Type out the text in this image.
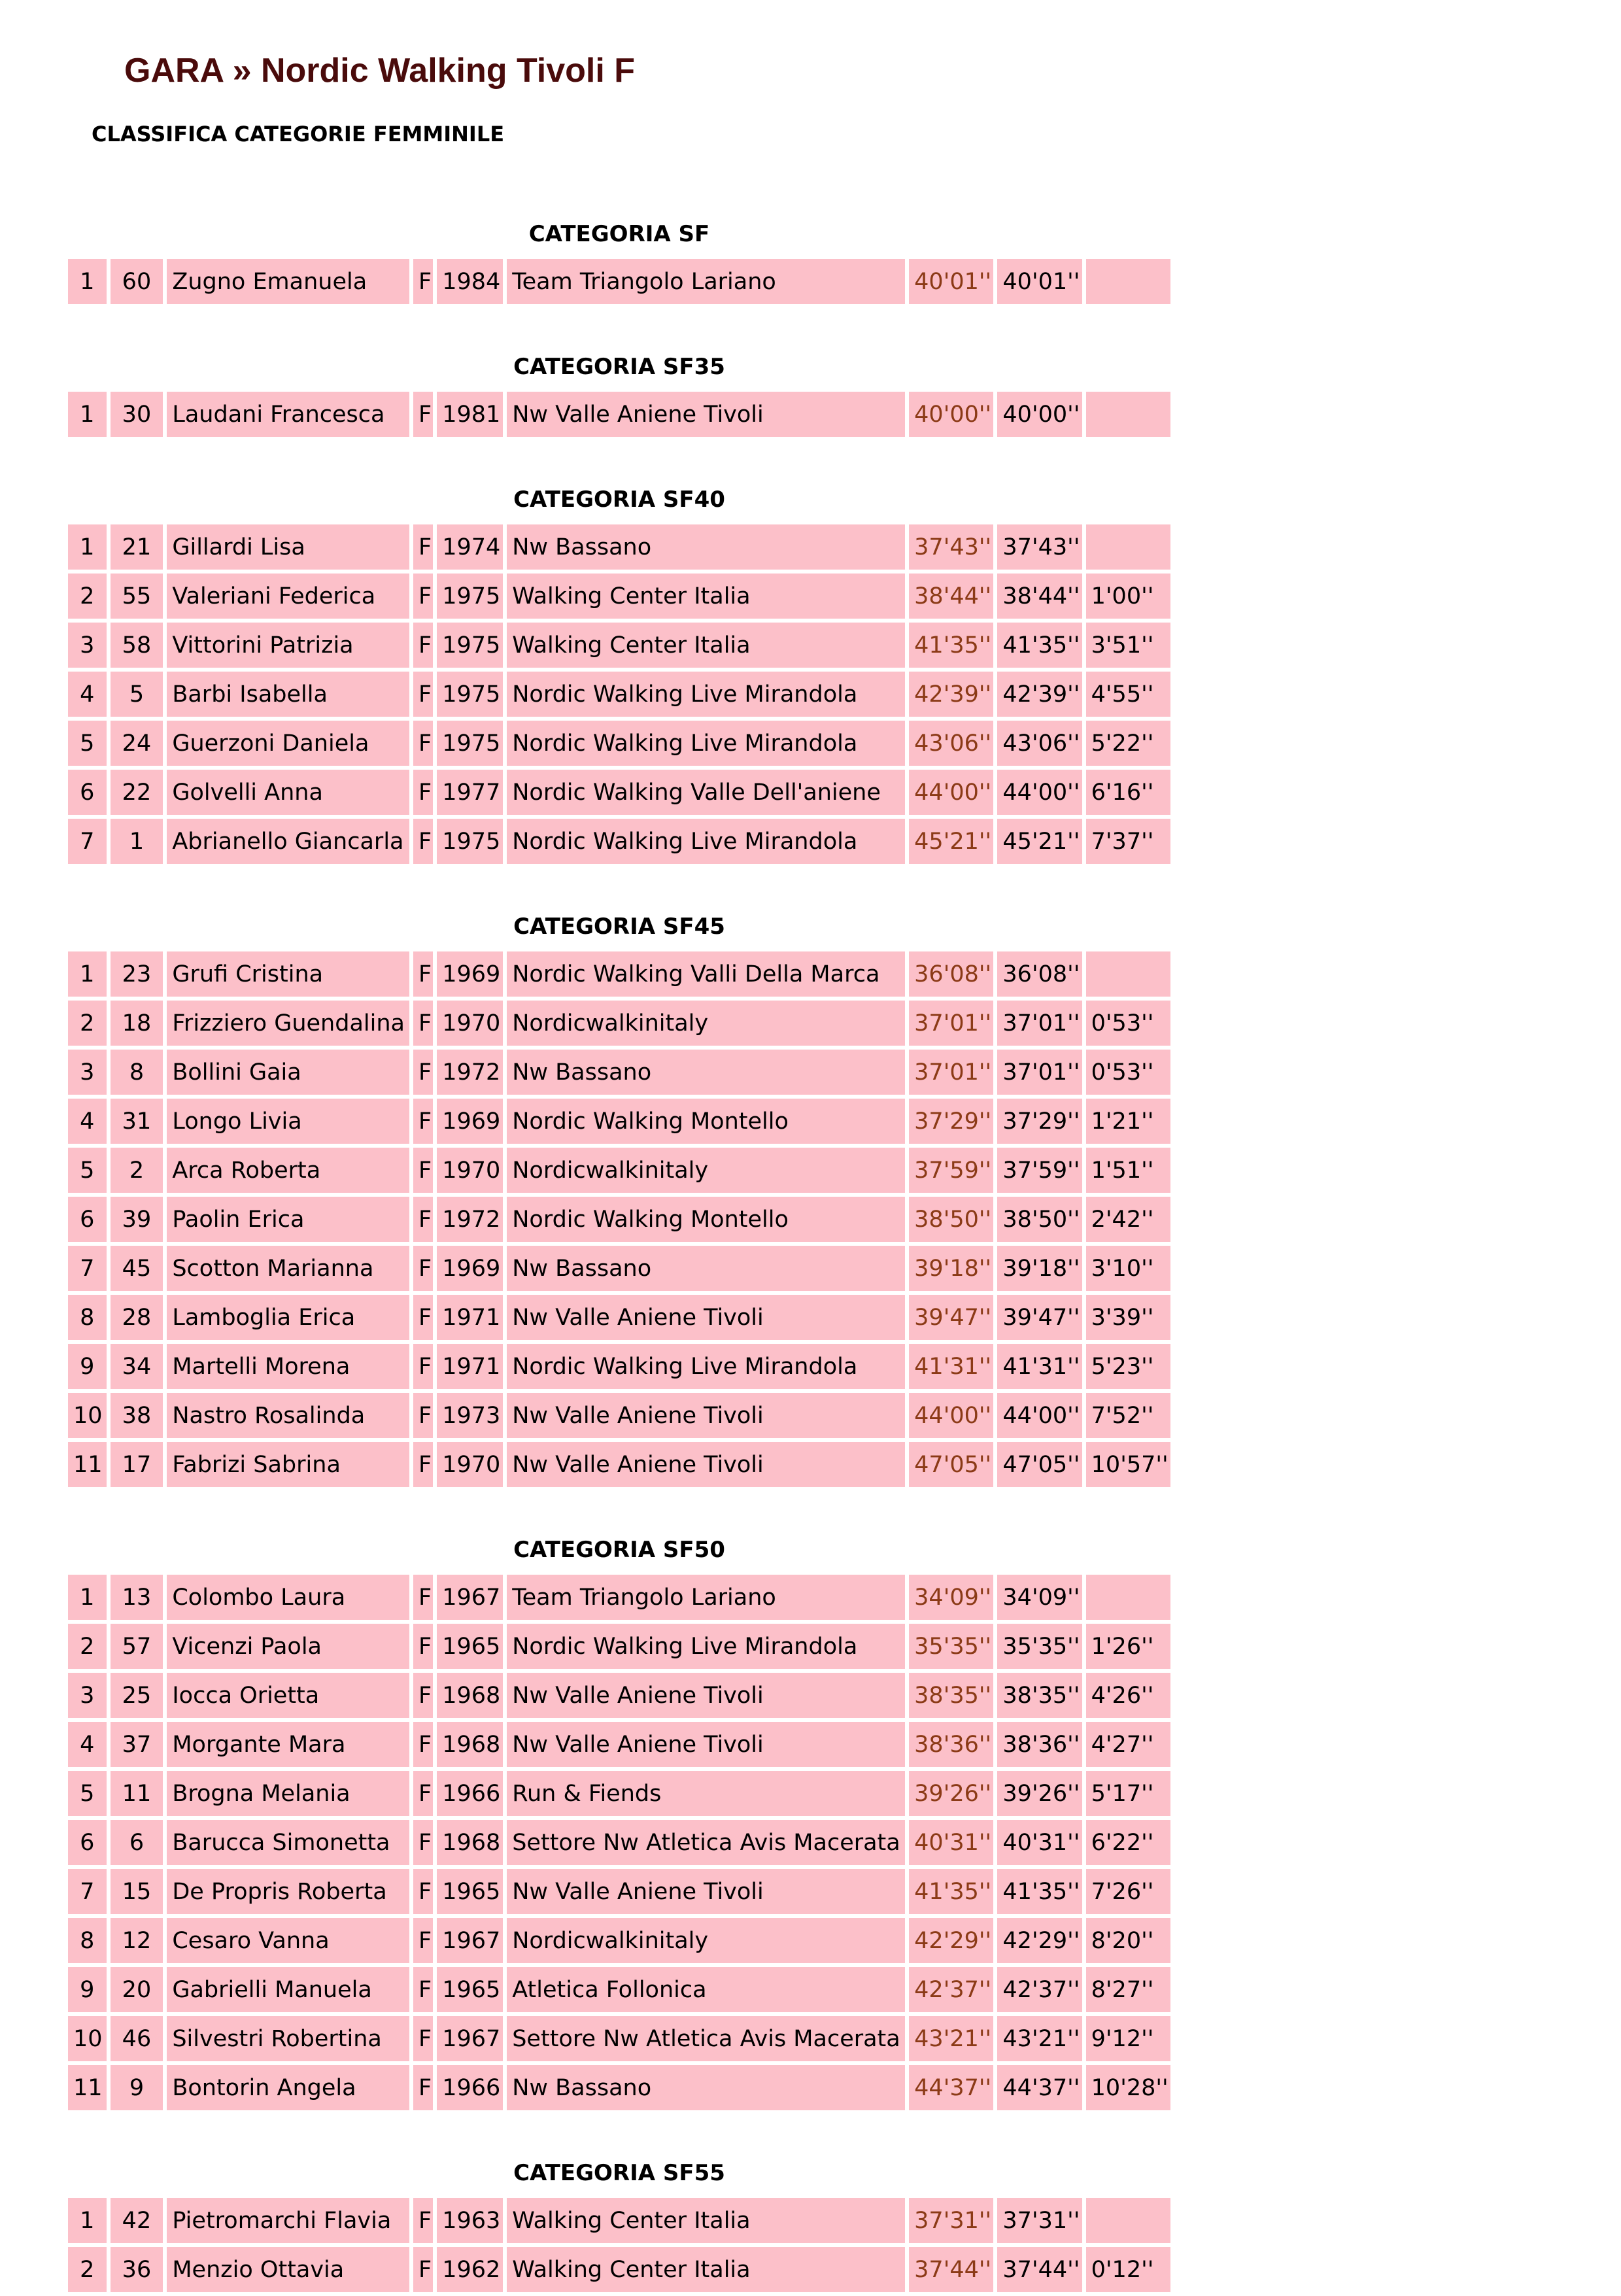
GARA » Nordic Walking Tivoli F
CLASSIFICA CATEGORIE FEMMINILE
CATEGORIA SF
1	60	Zugno Emanuela	F	1984	Team Triangolo Lariano	40'01''	40'01''	
CATEGORIA SF35
1	30	Laudani Francesca	F	1981	Nw Valle Aniene Tivoli	40'00''	40'00''	
CATEGORIA SF40
1	21	Gillardi Lisa	F	1974	Nw Bassano	37'43''	37'43''	
2	55	Valeriani Federica	F	1975	Walking Center Italia	38'44''	38'44''	1'00''
3	58	Vittorini Patrizia	F	1975	Walking Center Italia	41'35''	41'35''	3'51''
4	5	Barbi Isabella	F	1975	Nordic Walking Live Mirandola	42'39''	42'39''	4'55''
5	24	Guerzoni Daniela	F	1975	Nordic Walking Live Mirandola	43'06''	43'06''	5'22''
6	22	Golvelli Anna	F	1977	Nordic Walking Valle Dell'aniene	44'00''	44'00''	6'16''
7	1	Abrianello Giancarla	F	1975	Nordic Walking Live Mirandola	45'21''	45'21''	7'37''
CATEGORIA SF45
1	23	Grufi Cristina	F	1969	Nordic Walking Valli Della Marca	36'08''	36'08''	
2	18	Frizziero Guendalina	F	1970	Nordicwalkinitaly	37'01''	37'01''	0'53''
3	8	Bollini Gaia	F	1972	Nw Bassano	37'01''	37'01''	0'53''
4	31	Longo Livia	F	1969	Nordic Walking Montello	37'29''	37'29''	1'21''
5	2	Arca Roberta	F	1970	Nordicwalkinitaly	37'59''	37'59''	1'51''
6	39	Paolin Erica	F	1972	Nordic Walking Montello	38'50''	38'50''	2'42''
7	45	Scotton Marianna	F	1969	Nw Bassano	39'18''	39'18''	3'10''
8	28	Lamboglia Erica	F	1971	Nw Valle Aniene Tivoli	39'47''	39'47''	3'39''
9	34	Martelli Morena	F	1971	Nordic Walking Live Mirandola	41'31''	41'31''	5'23''
10	38	Nastro Rosalinda	F	1973	Nw Valle Aniene Tivoli	44'00''	44'00''	7'52''
11	17	Fabrizi Sabrina	F	1970	Nw Valle Aniene Tivoli	47'05''	47'05''	10'57''
CATEGORIA SF50
1	13	Colombo Laura	F	1967	Team Triangolo Lariano	34'09''	34'09''	
2	57	Vicenzi Paola	F	1965	Nordic Walking Live Mirandola	35'35''	35'35''	1'26''
3	25	Iocca Orietta	F	1968	Nw Valle Aniene Tivoli	38'35''	38'35''	4'26''
4	37	Morgante Mara	F	1968	Nw Valle Aniene Tivoli	38'36''	38'36''	4'27''
5	11	Brogna Melania	F	1966	Run & Fiends	39'26''	39'26''	5'17''
6	6	Barucca Simonetta	F	1968	Settore Nw Atletica Avis Macerata	40'31''	40'31''	6'22''
7	15	De Propris Roberta	F	1965	Nw Valle Aniene Tivoli	41'35''	41'35''	7'26''
8	12	Cesaro Vanna	F	1967	Nordicwalkinitaly	42'29''	42'29''	8'20''
9	20	Gabrielli Manuela	F	1965	Atletica Follonica	42'37''	42'37''	8'27''
10	46	Silvestri Robertina	F	1967	Settore Nw Atletica Avis Macerata	43'21''	43'21''	9'12''
11	9	Bontorin Angela	F	1966	Nw Bassano	44'37''	44'37''	10'28''
CATEGORIA SF55
1	42	Pietromarchi Flavia	F	1963	Walking Center Italia	37'31''	37'31''	
2	36	Menzio Ottavia	F	1962	Walking Center Italia	37'44''	37'44''	0'12''
